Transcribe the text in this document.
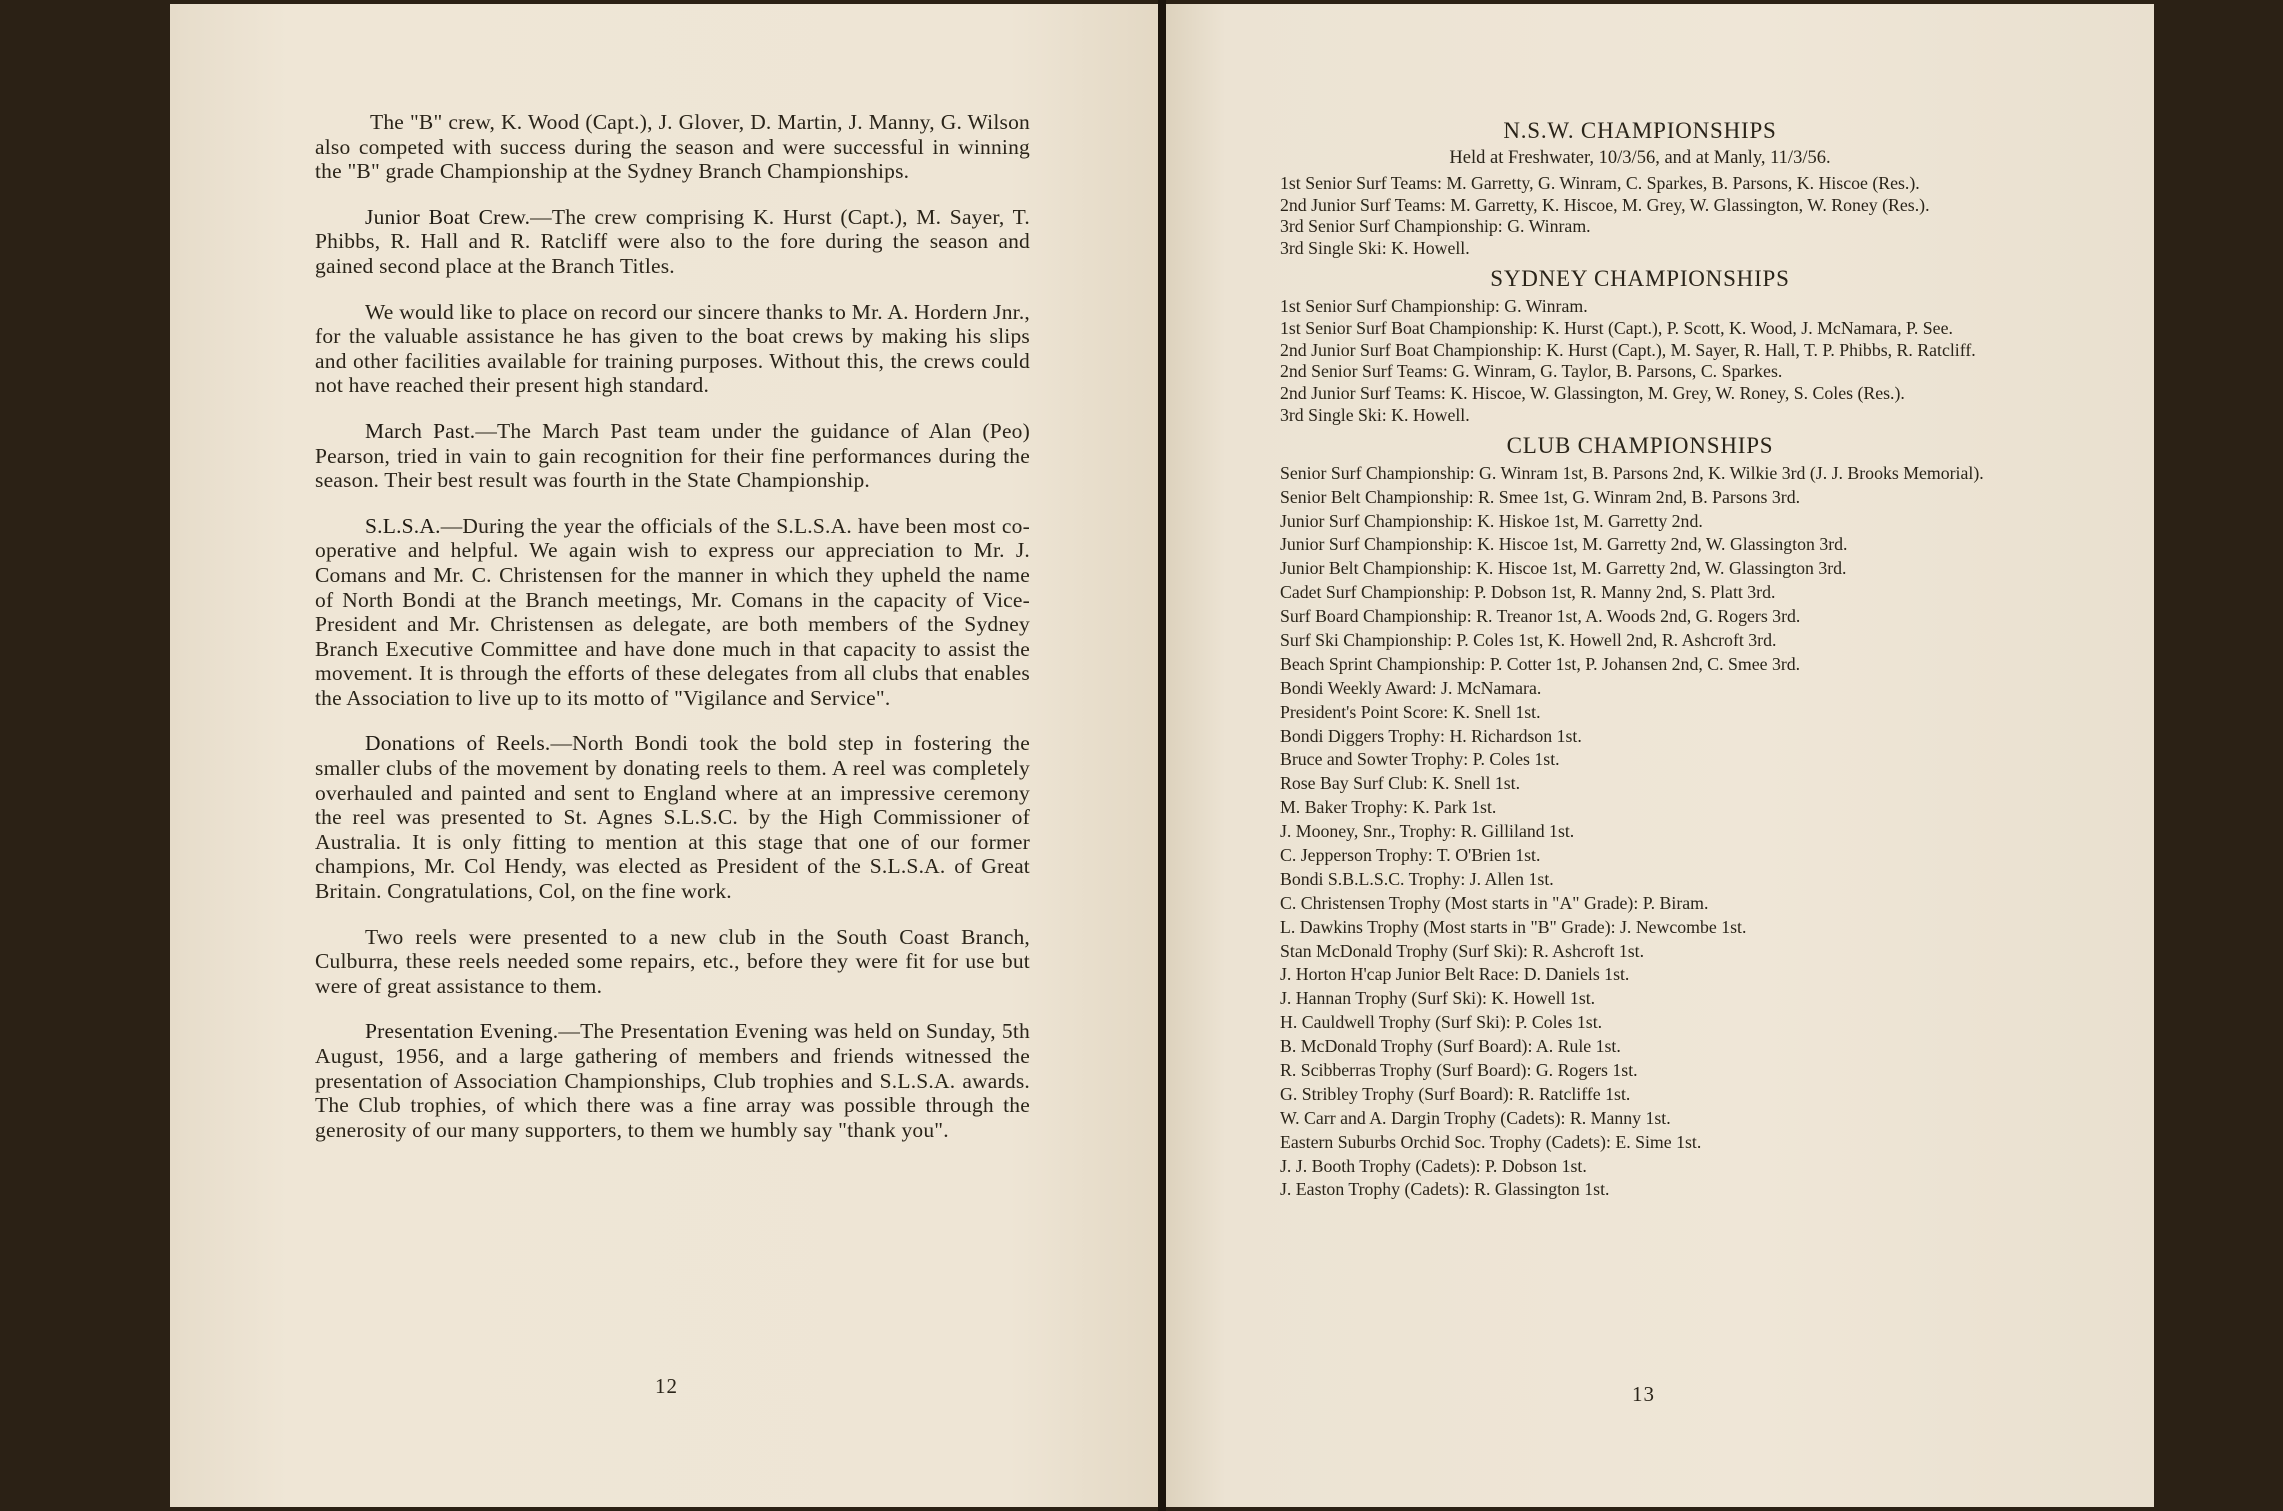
The "B" crew, K. Wood (Capt.), J. Glover, D. Martin, J. Manny, G. Wilson also competed with success during the season and were successful in winning the "B" grade Championship at the Sydney Branch Championships.

Junior Boat Crew.—The crew comprising K. Hurst (Capt.), M. Sayer, T. Phibbs, R. Hall and R. Ratcliff were also to the fore during the season and gained second place at the Branch Titles.

We would like to place on record our sincere thanks to Mr. A. Hordern Jnr., for the valuable assistance he has given to the boat crews by making his slips and other facilities available for training purposes. Without this, the crews could not have reached their present high standard.

March Past.—The March Past team under the guidance of Alan (Peo) Pearson, tried in vain to gain recognition for their fine performances during the season. Their best result was fourth in the State Championship.

S.L.S.A.—During the year the officials of the S.L.S.A. have been most co-operative and helpful. We again wish to express our appreciation to Mr. J. Comans and Mr. C. Christensen for the manner in which they upheld the name of North Bondi at the Branch meetings, Mr. Comans in the capacity of Vice-President and Mr. Christensen as delegate, are both members of the Sydney Branch Executive Committee and have done much in that capacity to assist the movement. It is through the efforts of these delegates from all clubs that enables the Association to live up to its motto of "Vigilance and Service".

Donations of Reels.—North Bondi took the bold step in fostering the smaller clubs of the movement by donating reels to them. A reel was completely overhauled and painted and sent to England where at an impressive ceremony the reel was presented to St. Agnes S.L.S.C. by the High Commissioner of Australia. It is only fitting to mention at this stage that one of our former champions, Mr. Col Hendy, was elected as President of the S.L.S.A. of Great Britain. Congratulations, Col, on the fine work.

Two reels were presented to a new club in the South Coast Branch, Culburra, these reels needed some repairs, etc., before they were fit for use but were of great assistance to them.

Presentation Evening.—The Presentation Evening was held on Sunday, 5th August, 1956, and a large gathering of members and friends witnessed the presentation of Association Championships, Club trophies and S.L.S.A. awards. The Club trophies, of which there was a fine array was possible through the generosity of our many supporters, to them we humbly say "thank you".

12
N.S.W. CHAMPIONSHIPS
Held at Freshwater, 10/3/56, and at Manly, 11/3/56.
1st Senior Surf Teams: M. Garretty, G. Winram, C. Sparkes, B. Parsons, K. Hiscoe (Res.).
2nd Junior Surf Teams: M. Garretty, K. Hiscoe, M. Grey, W. Glassington, W. Roney (Res.).
3rd Senior Surf Championship: G. Winram.
3rd Single Ski: K. Howell.
SYDNEY CHAMPIONSHIPS
1st Senior Surf Championship: G. Winram.
1st Senior Surf Boat Championship: K. Hurst (Capt.), P. Scott, K. Wood, J. McNamara, P. See.
2nd Junior Surf Boat Championship: K. Hurst (Capt.), M. Sayer, R. Hall, T. P. Phibbs, R. Ratcliff.
2nd Senior Surf Teams: G. Winram, G. Taylor, B. Parsons, C. Sparkes.
2nd Junior Surf Teams: K. Hiscoe, W. Glassington, M. Grey, W. Roney, S. Coles (Res.).
3rd Single Ski: K. Howell.
CLUB CHAMPIONSHIPS
Senior Surf Championship: G. Winram 1st, B. Parsons 2nd, K. Wilkie 3rd (J. J. Brooks Memorial).
Senior Belt Championship: R. Smee 1st, G. Winram 2nd, B. Parsons 3rd.
Junior Surf Championship: K. Hiskoe 1st, M. Garretty 2nd.
Junior Surf Championship: K. Hiscoe 1st, M. Garretty 2nd, W. Glassington 3rd.
Junior Belt Championship: K. Hiscoe 1st, M. Garretty 2nd, W. Glassington 3rd.
Cadet Surf Championship: P. Dobson 1st, R. Manny 2nd, S. Platt 3rd.
Surf Board Championship: R. Treanor 1st, A. Woods 2nd, G. Rogers 3rd.
Surf Ski Championship: P. Coles 1st, K. Howell 2nd, R. Ashcroft 3rd.
Beach Sprint Championship: P. Cotter 1st, P. Johansen 2nd, C. Smee 3rd.
Bondi Weekly Award: J. McNamara.
President's Point Score: K. Snell 1st.
Bondi Diggers Trophy: H. Richardson 1st.
Bruce and Sowter Trophy: P. Coles 1st.
Rose Bay Surf Club: K. Snell 1st.
M. Baker Trophy: K. Park 1st.
J. Mooney, Snr., Trophy: R. Gilliland 1st.
C. Jepperson Trophy: T. O'Brien 1st.
Bondi S.B.L.S.C. Trophy: J. Allen 1st.
C. Christensen Trophy (Most starts in "A" Grade): P. Biram.
L. Dawkins Trophy (Most starts in "B" Grade): J. Newcombe 1st.
Stan McDonald Trophy (Surf Ski): R. Ashcroft 1st.
J. Horton H'cap Junior Belt Race: D. Daniels 1st.
J. Hannan Trophy (Surf Ski): K. Howell 1st.
H. Cauldwell Trophy (Surf Ski): P. Coles 1st.
B. McDonald Trophy (Surf Board): A. Rule 1st.
R. Scibberras Trophy (Surf Board): G. Rogers 1st.
G. Stribley Trophy (Surf Board): R. Ratcliffe 1st.
W. Carr and A. Dargin Trophy (Cadets): R. Manny 1st.
Eastern Suburbs Orchid Soc. Trophy (Cadets): E. Sime 1st.
J. J. Booth Trophy (Cadets): P. Dobson 1st.
J. Easton Trophy (Cadets): R. Glassington 1st.
13
